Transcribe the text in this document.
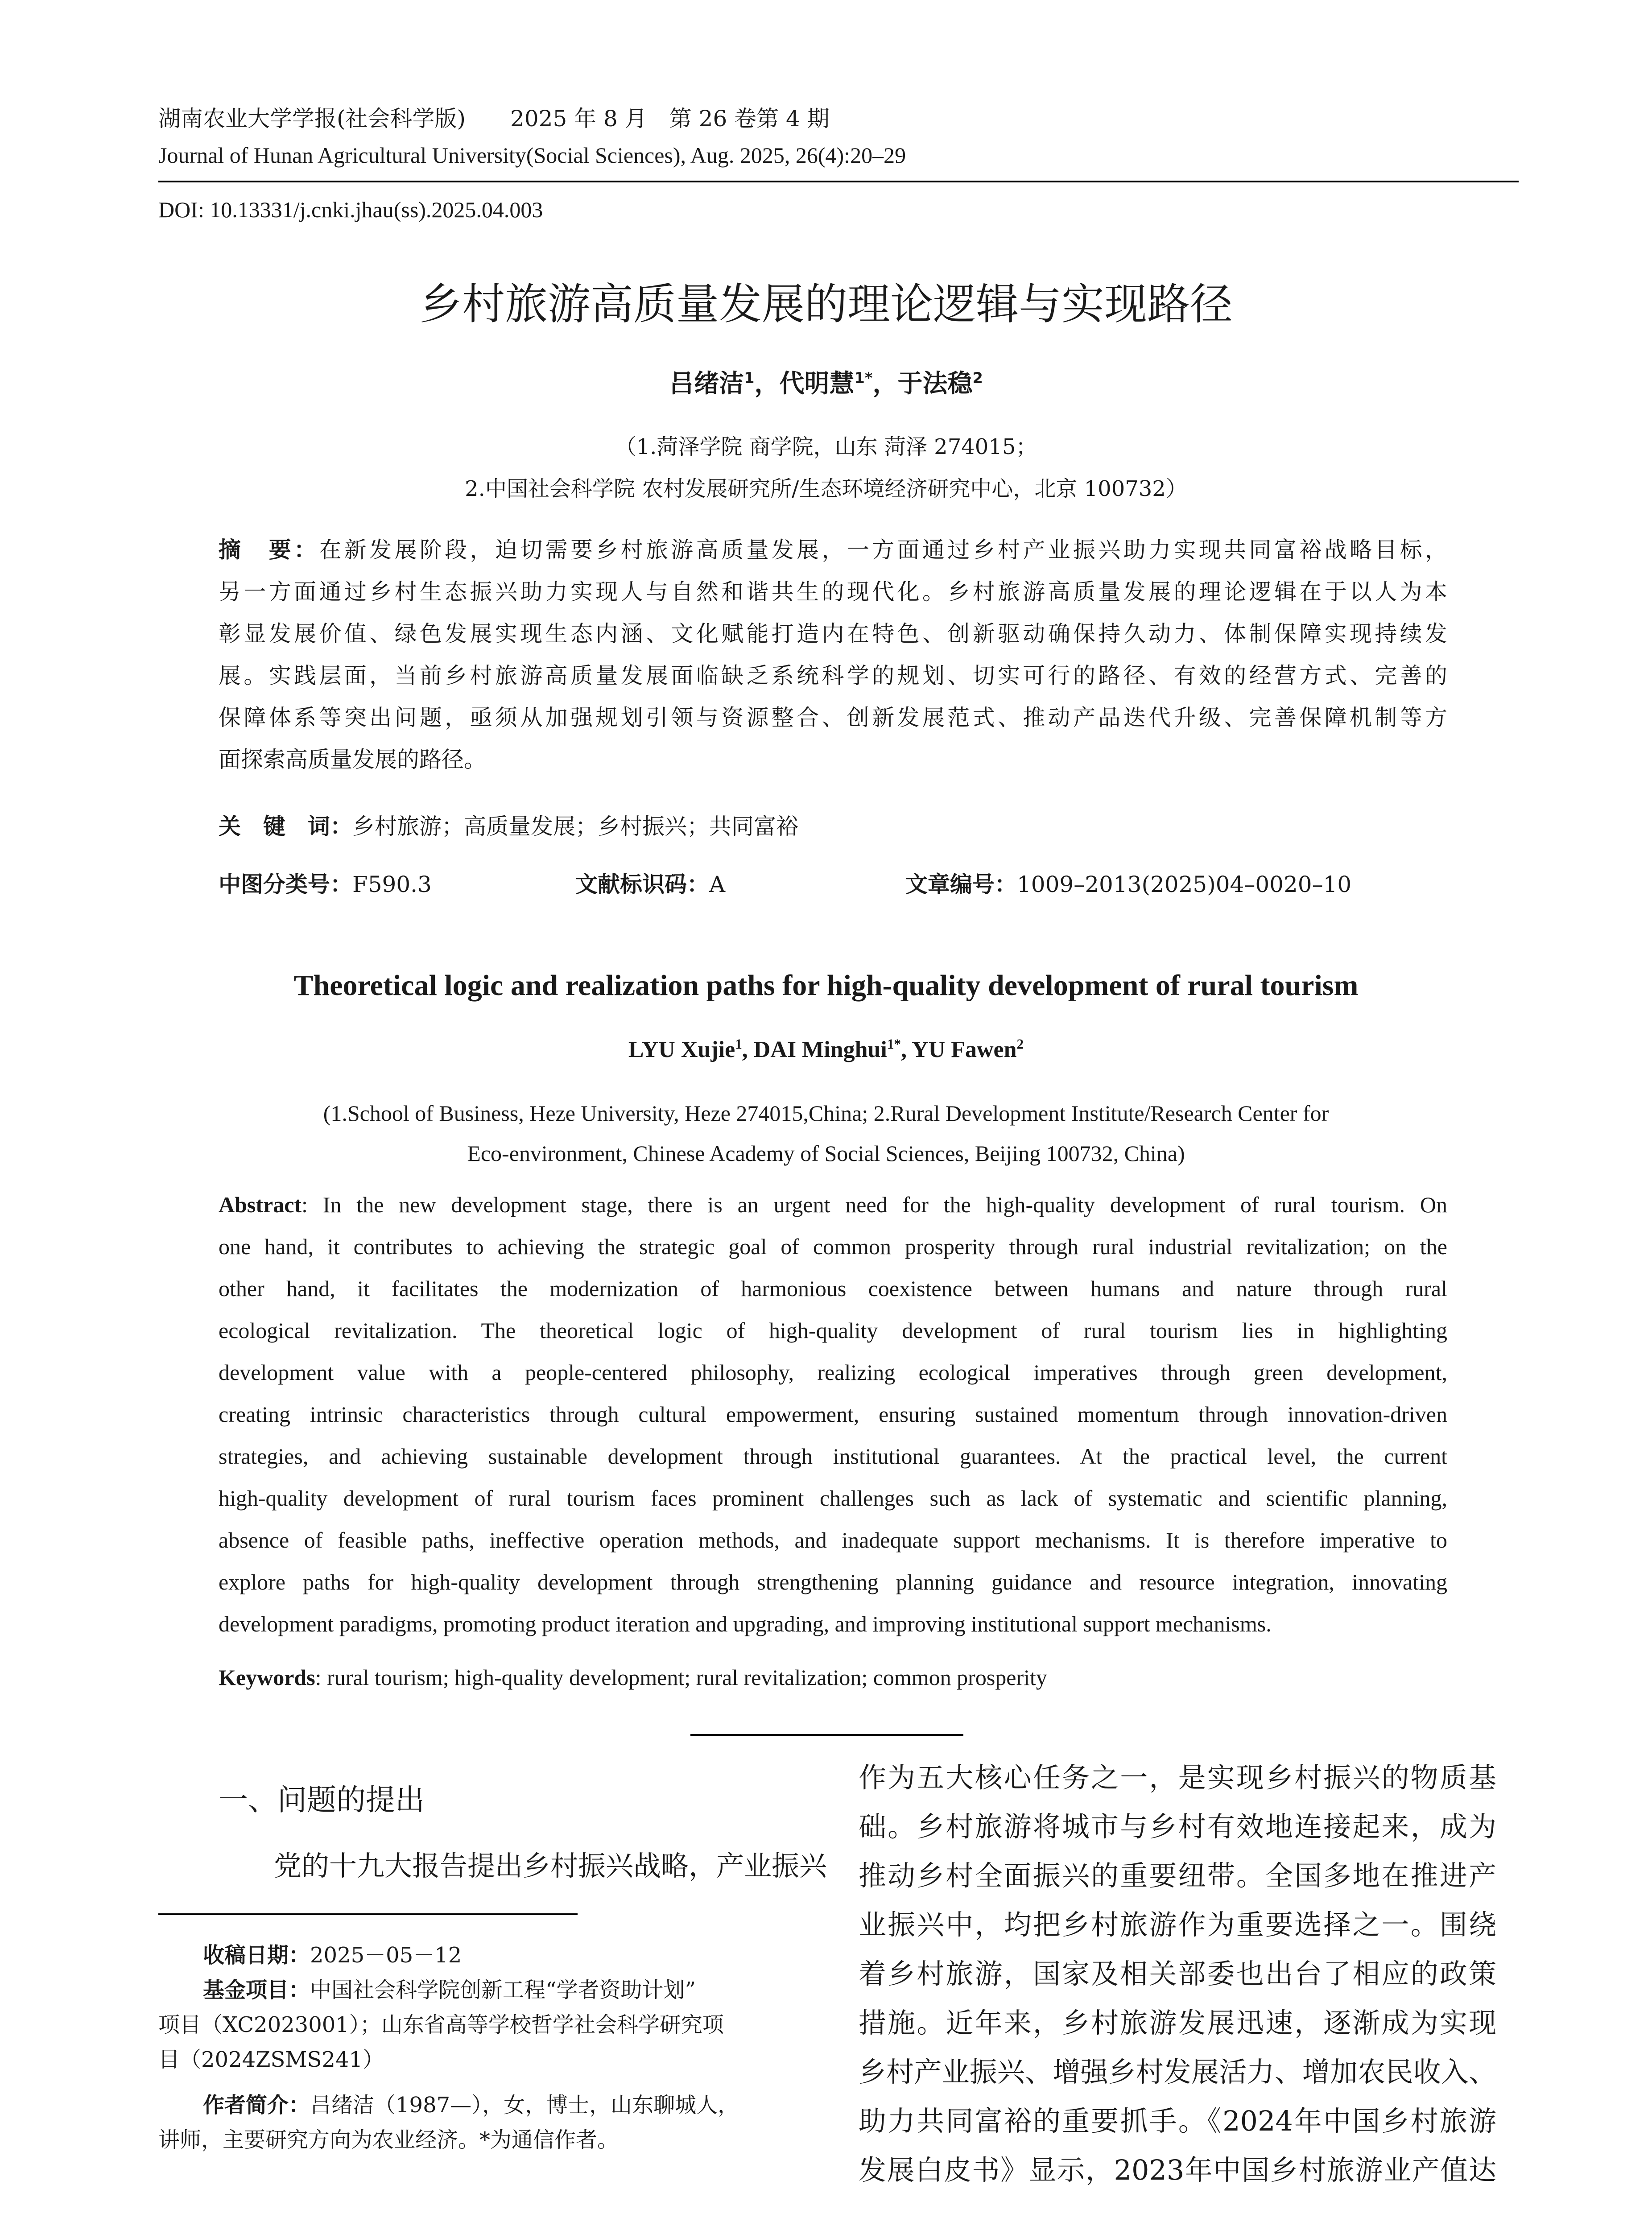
湖南农业大学学报(社会科学版)　　2025 年 8 月　第 26 卷第 4 期
Journal of Hunan Agricultural University(Social Sciences), Aug. 2025, 26(4):20–29
DOI: 10.13331/j.cnki.jhau(ss).2025.04.003
乡村旅游高质量发展的理论逻辑与实现路径
吕绪洁$^1$，代明慧$^{1*}$，于法稳$^2$
（1.菏泽学院 商学院，山东 菏泽 274015；
2.中国社会科学院 农村发展研究所/生态环境经济研究中心，北京 100732）
摘　要：在新发展阶段，迫切需要乡村旅游高质量发展，一方面通过乡村产业振兴助力实现共同富裕战略目标，
另一方面通过乡村生态振兴助力实现人与自然和谐共生的现代化。乡村旅游高质量发展的理论逻辑在于以人为本
彰显发展价值、绿色发展实现生态内涵、文化赋能打造内在特色、创新驱动确保持久动力、体制保障实现持续发
展。实践层面，当前乡村旅游高质量发展面临缺乏系统科学的规划、切实可行的路径、有效的经营方式、完善的
保障体系等突出问题，亟须从加强规划引领与资源整合、创新发展范式、推动产品迭代升级、完善保障机制等方
面探索高质量发展的路径。
关　键　词：乡村旅游；高质量发展；乡村振兴；共同富裕
中图分类号：F590.3	文献标识码：A	文章编号：1009–2013(2025)04–0020–10
Theoretical logic and realization paths for high-quality development of rural tourism
LYU Xujie$^1$, DAI Minghui$^{1*}$, YU Fawen$^2$
(1.School of Business, Heze University, Heze 274015,China; 2.Rural Development Institute/Research Center for
Eco-environment, Chinese Academy of Social Sciences, Beijing 100732, China)
Abstract: In the new development stage, there is an urgent need for the high-quality development of rural tourism. On
one hand, it contributes to achieving the strategic goal of common prosperity through rural industrial revitalization; on the
other hand, it facilitates the modernization of harmonious coexistence between humans and nature through rural
ecological revitalization. The theoretical logic of high-quality development of rural tourism lies in highlighting
development value with a people-centered philosophy, realizing ecological imperatives through green development,
creating intrinsic characteristics through cultural empowerment, ensuring sustained momentum through innovation-driven
strategies, and achieving sustainable development through institutional guarantees. At the practical level, the current
high-quality development of rural tourism faces prominent challenges such as lack of systematic and scientific planning,
absence of feasible paths, ineffective operation methods, and inadequate support mechanisms. It is therefore imperative to
explore paths for high-quality development through strengthening planning guidance and resource integration, innovating
development paradigms, promoting product iteration and upgrading, and improving institutional support mechanisms.
Keywords: rural tourism; high-quality development; rural revitalization; common prosperity
一、问题的提出
党的十九大报告提出乡村振兴战略，产业振兴
收稿日期：2025－05－12
基金项目：中国社会科学院创新工程“学者资助计划”
项目（XC2023001）；山东省高等学校哲学社会科学研究项
目（2024ZSMS241）
作者简介：吕绪洁（1987—），女，博士，山东聊城人，
讲师，主要研究方向为农业经济。*为通信作者。
作为五大核心任务之一，是实现乡村振兴的物质基
础。乡村旅游将城市与乡村有效地连接起来，成为
推动乡村全面振兴的重要纽带。全国多地在推进产
业振兴中，均把乡村旅游作为重要选择之一。围绕
着乡村旅游，国家及相关部委也出台了相应的政策
措施。近年来，乡村旅游发展迅速，逐渐成为实现
乡村产业振兴、增强乡村发展活力、增加农民收入、
助力共同富裕的重要抓手。《2024年中国乡村旅游
发展白皮书》显示，2023年中国乡村旅游业产值达
